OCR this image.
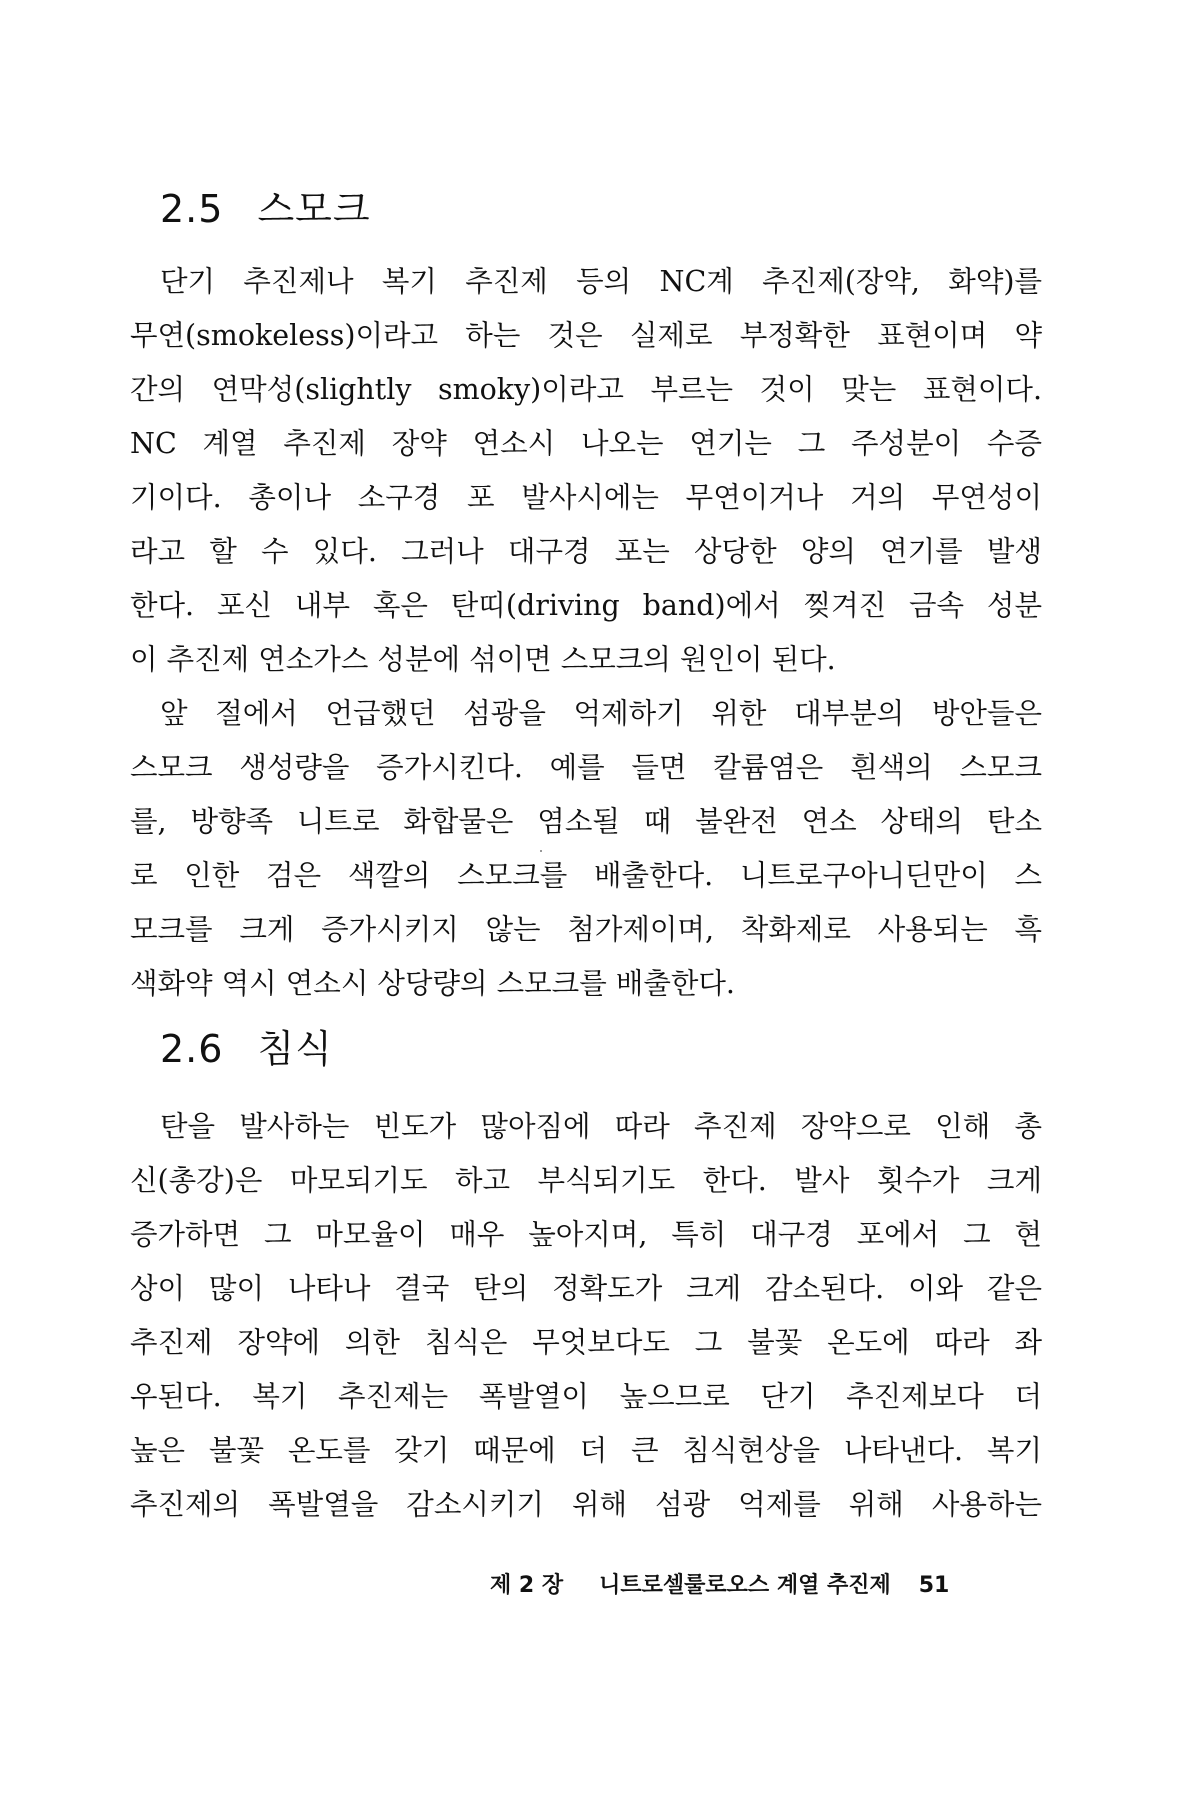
2.5 스모크
단기 추진제나 복기 추진제 등의 NC계 추진제(장약, 화약)를
무연(smokeless)이라고 하는 것은 실제로 부정확한 표현이며 약
간의 연막성(slightly smoky)이라고 부르는 것이 맞는 표현이다.
NC 계열 추진제 장약 연소시 나오는 연기는 그 주성분이 수증
기이다. 총이나 소구경 포 발사시에는 무연이거나 거의 무연성이
라고 할 수 있다. 그러나 대구경 포는 상당한 양의 연기를 발생
한다. 포신 내부 혹은 탄띠(driving band)에서 찢겨진 금속 성분
이 추진제 연소가스 성분에 섞이면 스모크의 원인이 된다.
앞 절에서 언급했던 섬광을 억제하기 위한 대부분의 방안들은
스모크 생성량을 증가시킨다. 예를 들면 칼륨염은 흰색의 스모크
를, 방향족 니트로 화합물은 염소될 때 불완전 연소 상태의 탄소
로 인한 검은 색깔의 스모크를 배출한다. 니트로구아니딘만이 스
모크를 크게 증가시키지 않는 첨가제이며, 착화제로 사용되는 흑
색화약 역시 연소시 상당량의 스모크를 배출한다.
2.6 침식
탄을 발사하는 빈도가 많아짐에 따라 추진제 장약으로 인해 총
신(총강)은 마모되기도 하고 부식되기도 한다. 발사 횟수가 크게
증가하면 그 마모율이 매우 높아지며, 특히 대구경 포에서 그 현
상이 많이 나타나 결국 탄의 정확도가 크게 감소된다. 이와 같은
추진제 장약에 의한 침식은 무엇보다도 그 불꽃 온도에 따라 좌
우된다. 복기 추진제는 폭발열이 높으므로 단기 추진제보다 더
높은 불꽃 온도를 갖기 때문에 더 큰 침식현상을 나타낸다. 복기
추진제의 폭발열을 감소시키기 위해 섬광 억제를 위해 사용하는
제 2 장 니트로셀룰로오스 계열 추진제 51
